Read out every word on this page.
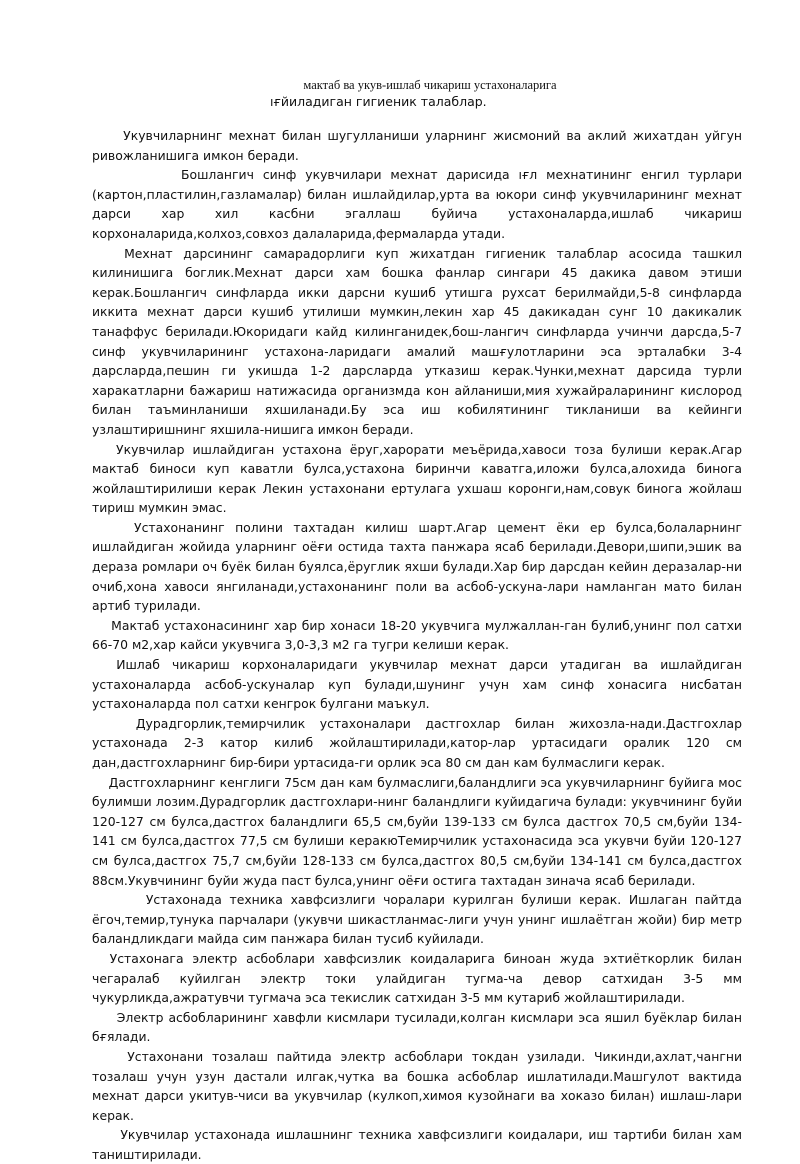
мактаб ва укув-ишлаб чикариш устахоналарига
ıғйиладиган гигиеник талаблар.

Укувчиларнинг мехнат билан шугулланиши уларнинг жисмоний ва аклий жихатдан уйгун ривожланишига имкон беради.

Бошлангич синф укувчилари мехнат дарисида ıғл мехнатининг енгил турлари (картон,пластилин,газламалар) билан ишлайдилар,урта ва юкори синф укувчиларининг мехнат дарси хар хил касбни эгаллаш буйича устахоналарда,ишлаб чикариш корхоналарида,колхоз,совхоз далаларида,фермаларда утади.

Мехнат дарсининг самарадорлиги куп жихатдан гигиеник талаблар асосида ташкил килинишига боглик.Мехнат дарси хам бошка фанлар сингари 45 дакика давом этиши керак.Бошлангич синфларда икки дарсни кушиб утишга рухсат берилмайди,5-8 синфларда иккита мехнат дарси кушиб утилиши мумкин,лекин хар 45 дакикадан сунг 10 дакикалик танаффус берилади.Юкоридаги кайд килинганидек,бош-лангич синфларда учинчи дарсда,5-7 синф укувчиларининг устахона-ларидаги амалий машғулотларини эса эрталабки 3-4 дарсларда,пешин ги укишда 1-2 дарсларда утказиш керак.Чунки,мехнат дарсида турли харакатларни бажариш натижасида организмда кон айланиши,мия хужайраларининг кислород билан таъминланиши яхшиланади.Бу эса иш кобилятининг тикланиши ва кейинги узлаштиришнинг яхшила-нишига имкон беради.

Укувчилар ишлайдиган устахона ёруг,харорати меъёрида,хавоси тоза булиши керак.Агар мактаб биноси куп каватли булса,устахона биринчи каватга,иложи булса,алохида бинога жойлаштирилиши керак Лекин устахонани ертулага ухшаш коронги,нам,совук бинога жойлаш тириш мумкин эмас.

Устахонанинг полини тахтадан килиш шарт.Агар цемент ёки ер булса,болаларнинг ишлайдиган жойида уларнинг оёғи остида тахта панжара ясаб берилади.Девори,шипи,эшик ва дераза ромлари оч буёк билан буялса,ёруглик яхши булади.Хар бир дарсдан кейин деразалар-ни очиб,хона хавоси янгиланади,устахонанинг поли ва асбоб-ускуна-лари намланган мато билан артиб турилади.

Мактаб устахонасининг хар бир хонаси 18-20 укувчига мулжаллан-ган булиб,унинг пол сатхи 66-70 м2,хар кайси укувчига 3,0-3,3 м2 га тугри келиши керак.

Ишлаб чикариш корхоналаридаги укувчилар мехнат дарси утадиган ва ишлайдиган устахоналарда асбоб-ускуналар куп булади,шунинг учун хам синф хонасига нисбатан устахоналарда пол сатхи кенгрок булгани маъкул.

Дурадгорлик,темирчилик устахоналари дастгохлар билан жихозла-нади.Дастгохлар устахонада 2-3 катор килиб жойлаштирилади,катор-лар уртасидаги оралик 120 см дан,дастгохларнинг бир-бири уртасида-ги орлик эса 80 см дан кам булмаслиги керак.

Дастгохларнинг кенглиги 75см дан кам булмаслиги,баландлиги эса укувчиларнинг буйига мос булимши лозим.Дурадгорлик дастгохлари-нинг баландлиги куйидагича булади: укувчининг буйи 120-127 см булса,дастгох баландлиги 65,5 см,буйи 139-133 см булса дастгох 70,5 см,буйи 134-141 см булса,дастгох 77,5 см булиши керакюТемирчилик устахонасида эса укувчи буйи 120-127 см булса,дастгох 75,7 см,буйи 128-133 см булса,дастгох 80,5 см,буйи 134-141 см булса,дастгох 88см.Укувчининг буйи жуда паст булса,унинг оёғи остига тахтадан зинача ясаб берилади.

Устахонада техника хавфсизлиги чоралари курилган булиши керак. Ишлаган пайтда ёгоч,темир,тунука парчалари (укувчи шикастланмас-лиги учун унинг ишлаётган жойи) бир метр баландликдаги майда сим панжара билан тусиб куйилади.

Устахонага электр асбоблари хавфсизлик коидаларига биноан жуда эхтиёткорлик билан чегаралаб куйилган электр токи улайдиган тугма-ча девор сатхидан 3-5 мм чукурликда,ажратувчи тугмача эса текислик сатхидан 3-5 мм кутариб жойлаштирилади.

Электр асбобларининг хавфли кисмлари тусилади,колган кисмлари эса яшил буёклар билан бғялади.

Устахонани тозалаш пайтида электр асбоблари токдан узилади. Чикинди,ахлат,чангни тозалаш учун узун дастали илгак,чутка ва бошка асбоблар ишлатилади.Машгулот вактида мехнат дарси укитув-чиси ва укувчилар (кулкоп,химоя кузойнаги ва хоказо билан) ишлаш-лари керак.

Укувчилар устахонада ишлашнинг техника хавфсизлиги коидалари, иш тартиби билан хам таништирилади.
